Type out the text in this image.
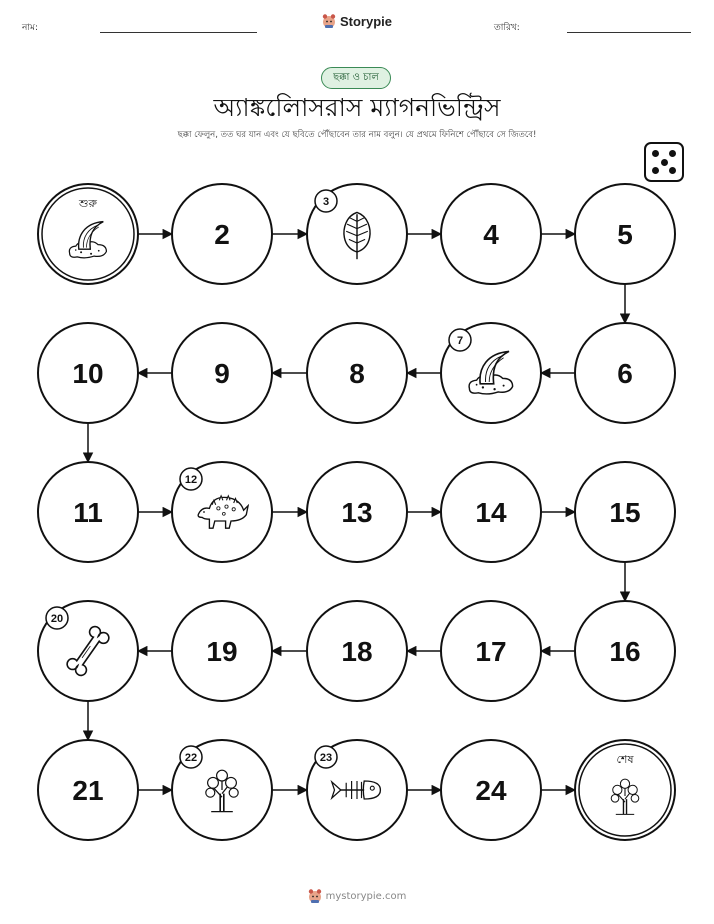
নাম:	Storypie	তারিখ:
ছক্কা ও চাল
অ্যাঙ্কলিোসরাস ম্যাগনভিন্ট্রিস
ছক্কা ফেলুন, তত ঘর যান এবং যে ছবিতে পৌঁছাবেন তার নাম বলুন। যে প্রথমে ফিনিশে পৌঁছাবে সে জিতবে!
শুরু
2
3
4	5
6
7
8
9
10
11
12
13	14	15
16
17
18
19
20
21
22	23
24
শেষ
mystorypie.com
